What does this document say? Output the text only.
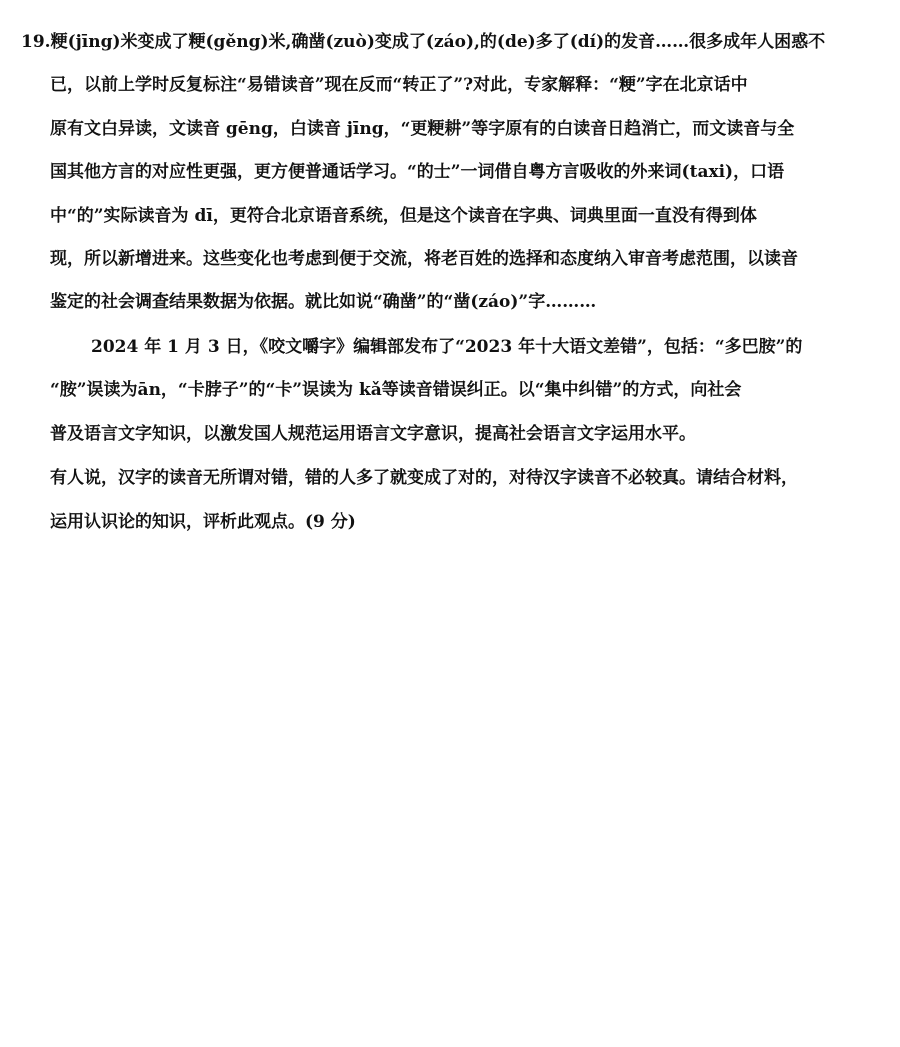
19.粳(jīng)米变成了粳(gěng)米,确凿(zuò)变成了(záo),的(de)多了(dí)的发音……很多成年人困惑不
已，以前上学时反复标注“易错读音”现在反而“转正了”?对此，专家解释：“粳”字在北京话中
原有文白异读，文读音 gēng，白读音 jīng，“更粳耕”等字原有的白读音日趋消亡，而文读音与全
国其他方言的对应性更强，更方便普通话学习。“的士”一词借自粤方言吸收的外来词(taxi)，口语
中“的”实际读音为 dī，更符合北京语音系统，但是这个读音在字典、词典里面一直没有得到体
现，所以新增进来。这些变化也考虑到便于交流，将老百姓的选择和态度纳入审音考虑范围，以读音
鉴定的社会调查结果数据为依据。就比如说“确凿”的“凿(záo)”字………
2024 年 1 月 3 日，《咬文嚼字》编辑部发布了“2023 年十大语文差错”，包括：“多巴胺”的
“胺”误读为ān，“卡脖子”的“卡”误读为 kǎ等读音错误纠正。以“集中纠错”的方式，向社会
普及语言文字知识，以激发国人规范运用语言文字意识，提高社会语言文字运用水平。
有人说，汉字的读音无所谓对错，错的人多了就变成了对的，对待汉字读音不必较真。请结合材料，
运用认识论的知识，评析此观点。(9 分)
